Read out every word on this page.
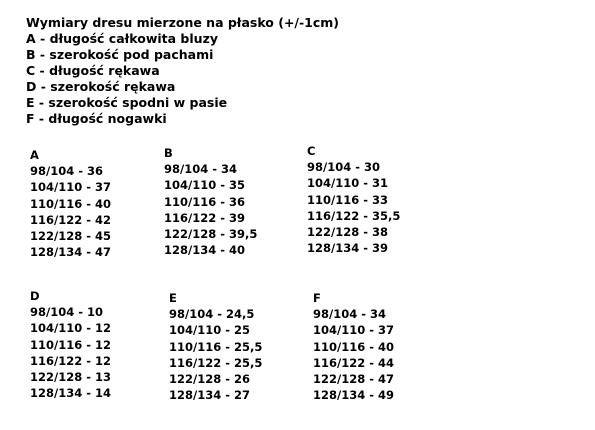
Wymiary dresu mierzone na płasko (+/-1cm)
A - długość całkowita bluzy
B - szerokość pod pachami
C - długość rękawa
D - szerokość rękawa
E - szerokość spodni w pasie
F - długość nogawki
A
98/104 - 36
104/110 - 37
110/116 - 40
116/122 - 42
122/128 - 45
128/134 - 47
B
98/104 - 34
104/110 - 35
110/116 - 36
116/122 - 39
122/128 - 39,5
128/134 - 40
C
98/104 - 30
104/110 - 31
110/116 - 33
116/122 - 35,5
122/128 - 38
128/134 - 39
D
98/104 - 10
104/110 - 12
110/116 - 12
116/122 - 12
122/128 - 13
128/134 - 14
E
98/104 - 24,5
104/110 - 25
110/116 - 25,5
116/122 - 25,5
122/128 - 26
128/134 - 27
F
98/104 - 34
104/110 - 37
110/116 - 40
116/122 - 44
122/128 - 47
128/134 - 49
